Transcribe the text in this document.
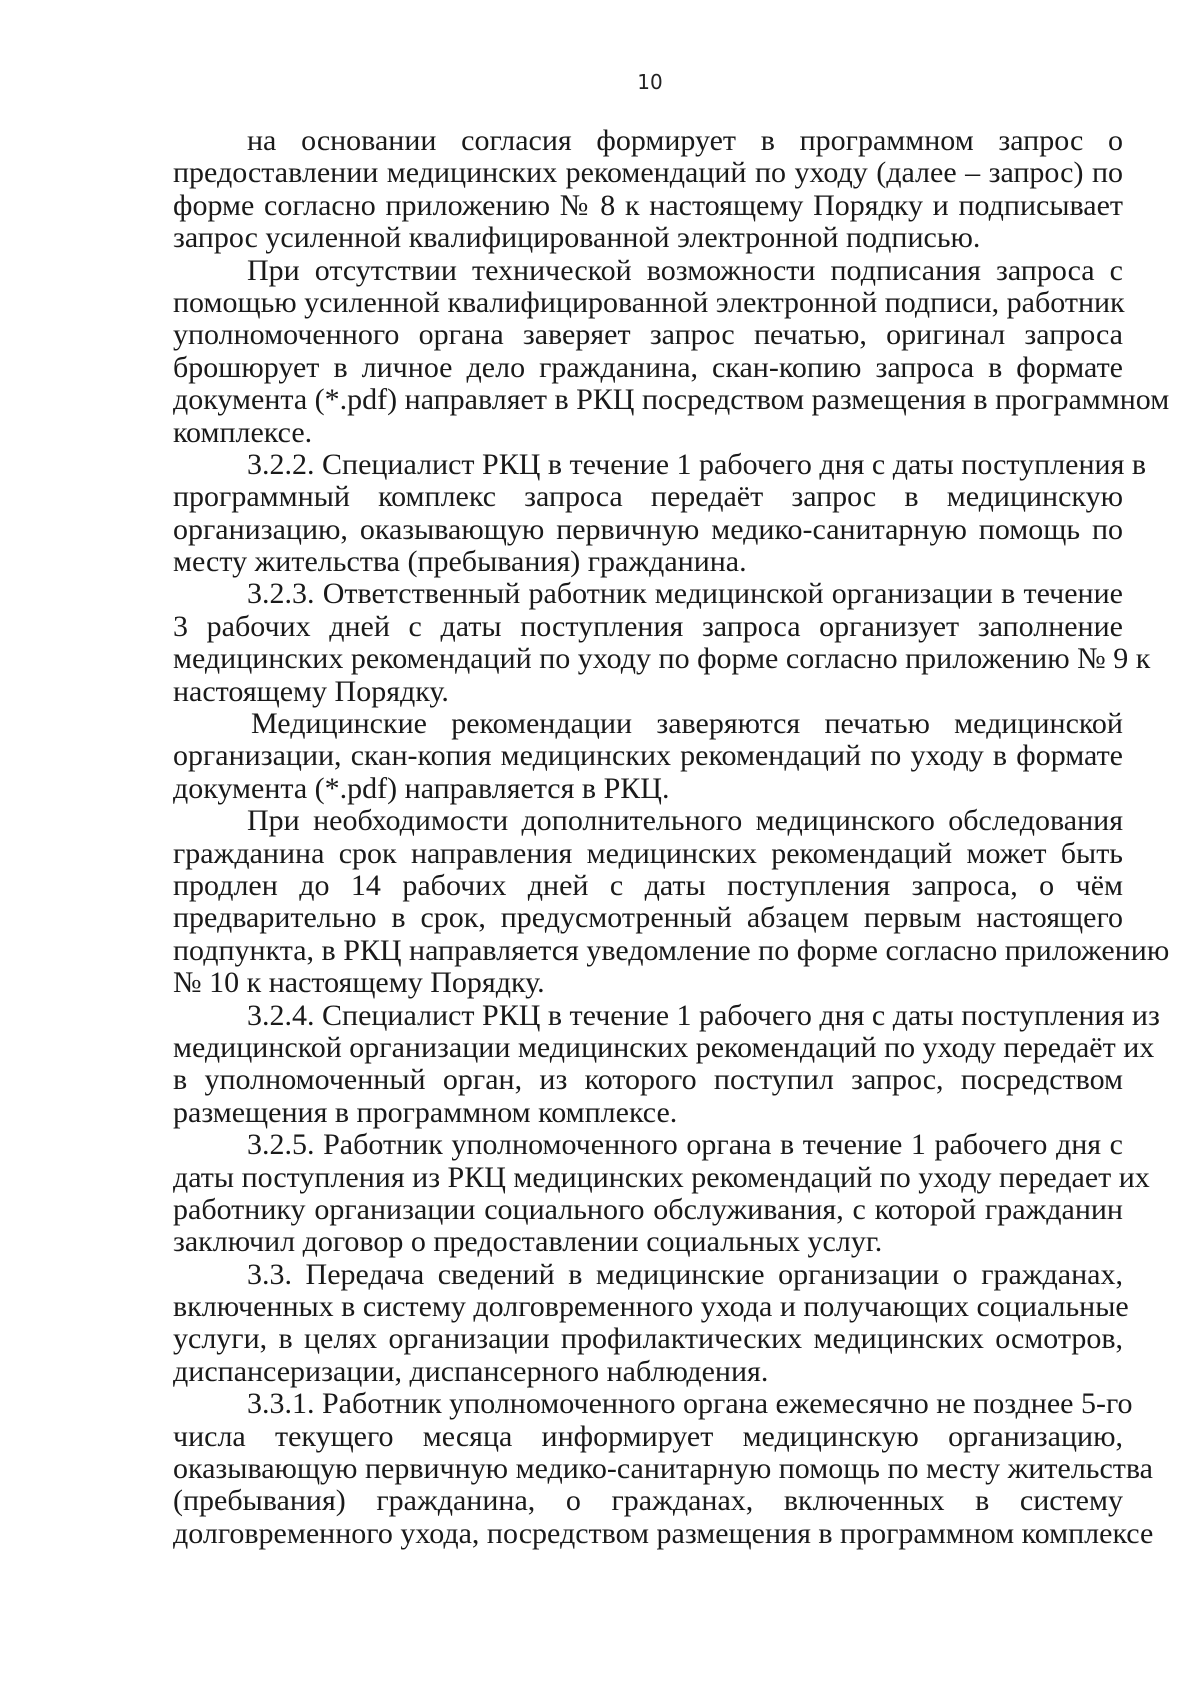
10
на основании согласия формирует в программном запрос о
предоставлении медицинских рекомендаций по уходу (далее – запрос) по
форме согласно приложению № 8 к настоящему Порядку и подписывает
запрос усиленной квалифицированной электронной подписью.
При отсутствии технической возможности подписания запроса с
помощью усиленной квалифицированной электронной подписи, работник
уполномоченного органа заверяет запрос печатью, оригинал запроса
брошюрует в личное дело гражданина, скан-копию запроса в формате
документа (*.pdf) направляет в РКЦ посредством размещения в программном
комплексе.
3.2.2. Специалист РКЦ в течение 1 рабочего дня с даты поступления в
программный комплекс запроса передаёт запрос в медицинскую
организацию, оказывающую первичную медико-санитарную помощь по
месту жительства (пребывания) гражданина.
3.2.3. Ответственный работник медицинской организации в течение
3 рабочих дней с даты поступления запроса организует заполнение
медицинских рекомендаций по уходу по форме согласно приложению № 9 к
настоящему Порядку.
Медицинские рекомендации заверяются печатью медицинской
организации, скан-копия медицинских рекомендаций по уходу в формате
документа (*.pdf) направляется в РКЦ.
При необходимости дополнительного медицинского обследования
гражданина срок направления медицинских рекомендаций может быть
продлен до 14 рабочих дней с даты поступления запроса, о чём
предварительно в срок, предусмотренный абзацем первым настоящего
подпункта, в РКЦ направляется уведомление по форме согласно приложению
№ 10 к настоящему Порядку.
3.2.4. Специалист РКЦ в течение 1 рабочего дня с даты поступления из
медицинской организации медицинских рекомендаций по уходу передаёт их
в уполномоченный орган, из которого поступил запрос, посредством
размещения в программном комплексе.
3.2.5. Работник уполномоченного органа в течение 1 рабочего дня с
даты поступления из РКЦ медицинских рекомендаций по уходу передает их
работнику организации социального обслуживания, с которой гражданин
заключил договор о предоставлении социальных услуг.
3.3. Передача сведений в медицинские организации о гражданах,
включенных в систему долговременного ухода и получающих социальные
услуги, в целях организации профилактических медицинских осмотров,
диспансеризации, диспансерного наблюдения.
3.3.1. Работник уполномоченного органа ежемесячно не позднее 5-го
числа текущего месяца информирует медицинскую организацию,
оказывающую первичную медико-санитарную помощь по месту жительства
(пребывания) гражданина, о гражданах, включенных в систему
долговременного ухода, посредством размещения в программном комплексе
